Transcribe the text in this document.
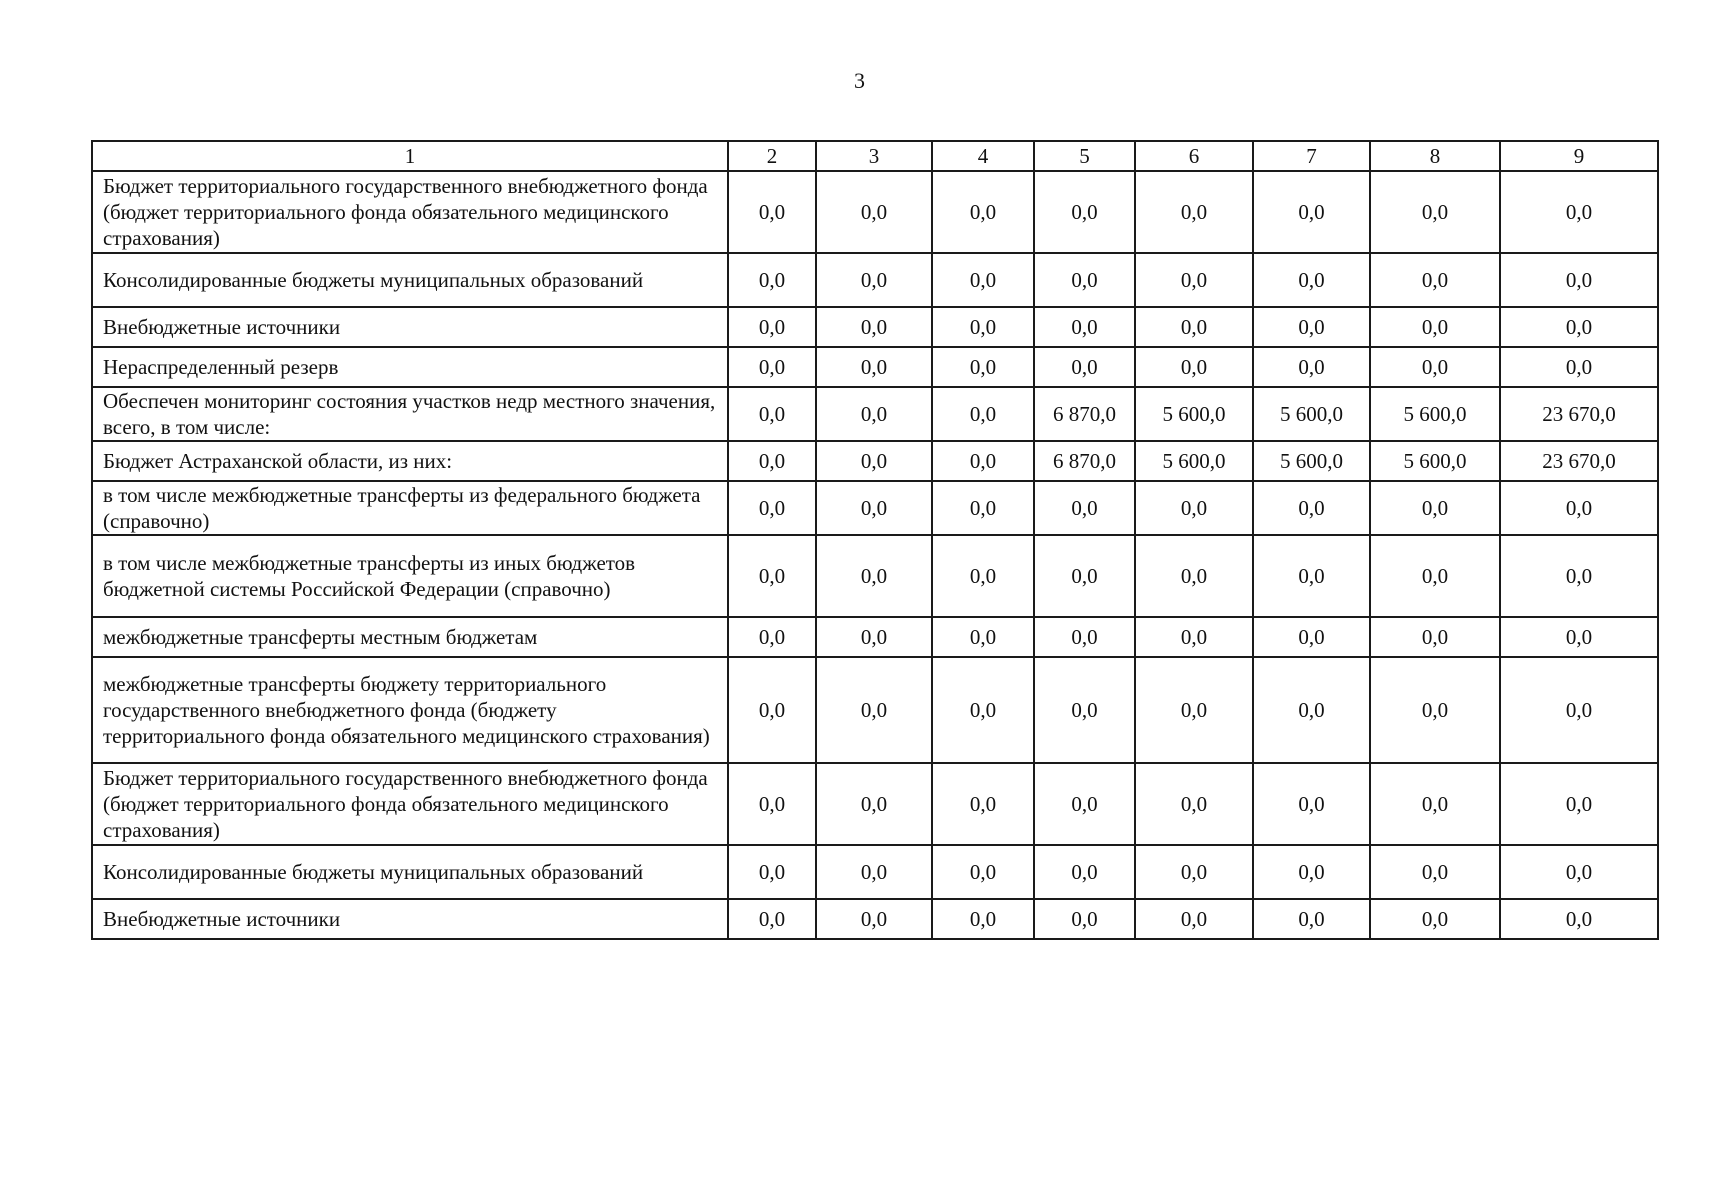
3
1	2	3	4	5	6	7	8	9
Бюджет территориального государственного внебюджетного фонда (бюджет территориального фонда обязательного медицинского страхования)	0,0	0,0	0,0	0,0	0,0	0,0	0,0	0,0
Консолидированные бюджеты муниципальных образований	0,0	0,0	0,0	0,0	0,0	0,0	0,0	0,0
Внебюджетные источники	0,0	0,0	0,0	0,0	0,0	0,0	0,0	0,0
Нераспределенный резерв	0,0	0,0	0,0	0,0	0,0	0,0	0,0	0,0
Обеспечен мониторинг состояния участков недр местного значения, всего, в том числе:	0,0	0,0	0,0	6 870,0	5 600,0	5 600,0	5 600,0	23 670,0
Бюджет Астраханской области, из них:	0,0	0,0	0,0	6 870,0	5 600,0	5 600,0	5 600,0	23 670,0
в том числе межбюджетные трансферты из федерального бюджета (справочно)	0,0	0,0	0,0	0,0	0,0	0,0	0,0	0,0
в том числе межбюджетные трансферты из иных бюджетов бюджетной системы Российской Федерации (справочно)	0,0	0,0	0,0	0,0	0,0	0,0	0,0	0,0
межбюджетные трансферты местным бюджетам	0,0	0,0	0,0	0,0	0,0	0,0	0,0	0,0
межбюджетные трансферты бюджету территориального государственного внебюджетного фонда (бюджету территориального фонда обязательного медицинского страхования)	0,0	0,0	0,0	0,0	0,0	0,0	0,0	0,0
Бюджет территориального государственного внебюджетного фонда (бюджет территориального фонда обязательного медицинского страхования)	0,0	0,0	0,0	0,0	0,0	0,0	0,0	0,0
Консолидированные бюджеты муниципальных образований	0,0	0,0	0,0	0,0	0,0	0,0	0,0	0,0
Внебюджетные источники	0,0	0,0	0,0	0,0	0,0	0,0	0,0	0,0
